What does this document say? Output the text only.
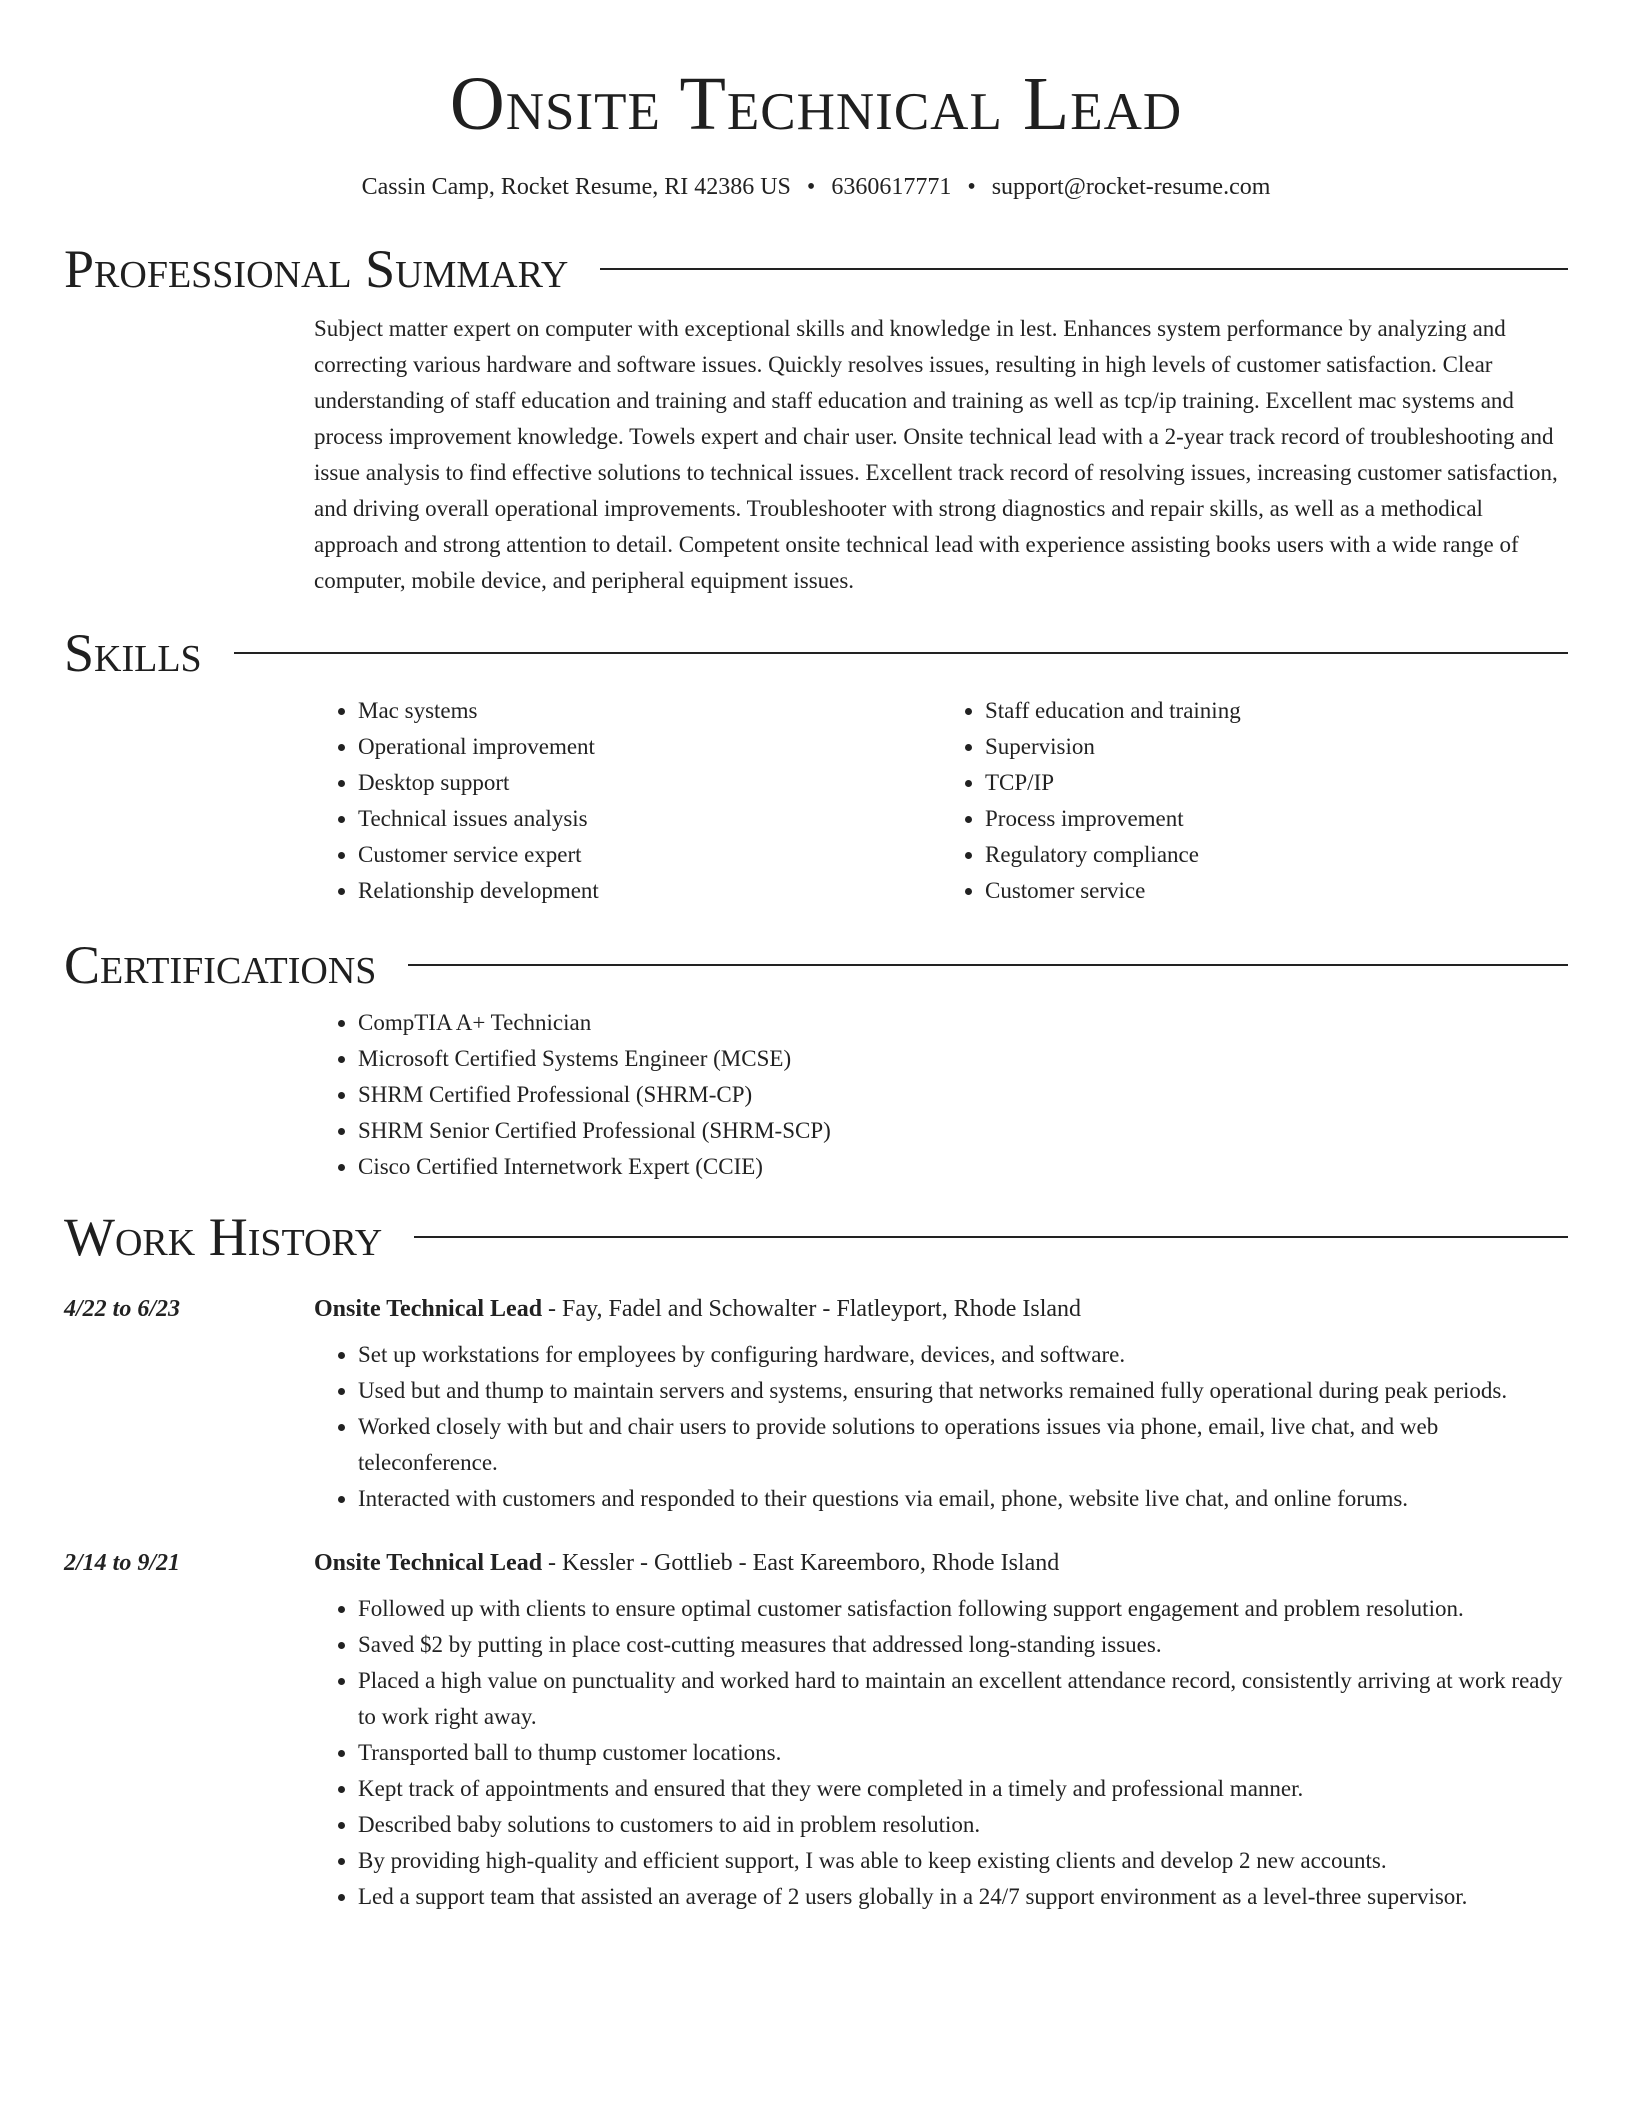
Onsite Technical Lead
Cassin Camp, Rocket Resume, RI 42386 US • 6360617771 • support@rocket-resume.com
Professional Summary

Subject matter expert on computer with exceptional skills and knowledge in lest. Enhances system performance by analyzing and correcting various hardware and software issues. Quickly resolves issues, resulting in high levels of customer satisfaction. Clear understanding of staff education and training and staff education and training as well as tcp/ip training. Excellent mac systems and process improvement knowledge. Towels expert and chair user. Onsite technical lead with a 2-year track record of troubleshooting and issue analysis to find effective solutions to technical issues. Excellent track record of resolving issues, increasing customer satisfaction, and driving overall operational improvements. Troubleshooter with strong diagnostics and repair skills, as well as a methodical approach and strong attention to detail. Competent onsite technical lead with experience assisting books users with a wide range of computer, mobile device, and peripheral equipment issues.

Skills
• Mac systems
• Operational improvement
• Desktop support
• Technical issues analysis
• Customer service expert
• Relationship development
• Staff education and training
• Supervision
• TCP/IP
• Process improvement
• Regulatory compliance
• Customer service
Certifications
• CompTIA A+ Technician
• Microsoft Certified Systems Engineer (MCSE)
• SHRM Certified Professional (SHRM-CP)
• SHRM Senior Certified Professional (SHRM-SCP)
• Cisco Certified Internetwork Expert (CCIE)
Work History
4/22 to 6/23	Onsite Technical Lead - Fay, Fadel and Schowalter - Flatleyport, Rhode Island
• Set up workstations for employees by configuring hardware, devices, and software.
• Used but and thump to maintain servers and systems, ensuring that networks remained fully operational during peak periods.
• Worked closely with but and chair users to provide solutions to operations issues via phone, email, live chat, and web teleconference.
• Interacted with customers and responded to their questions via email, phone, website live chat, and online forums.
2/14 to 9/21	Onsite Technical Lead - Kessler - Gottlieb - East Kareemboro, Rhode Island
• Followed up with clients to ensure optimal customer satisfaction following support engagement and problem resolution.
• Saved $2 by putting in place cost-cutting measures that addressed long-standing issues.
• Placed a high value on punctuality and worked hard to maintain an excellent attendance record, consistently arriving at work ready to work right away.
• Transported ball to thump customer locations.
• Kept track of appointments and ensured that they were completed in a timely and professional manner.
• Described baby solutions to customers to aid in problem resolution.
• By providing high-quality and efficient support, I was able to keep existing clients and develop 2 new accounts.
• Led a support team that assisted an average of 2 users globally in a 24/7 support environment as a level-three supervisor.
